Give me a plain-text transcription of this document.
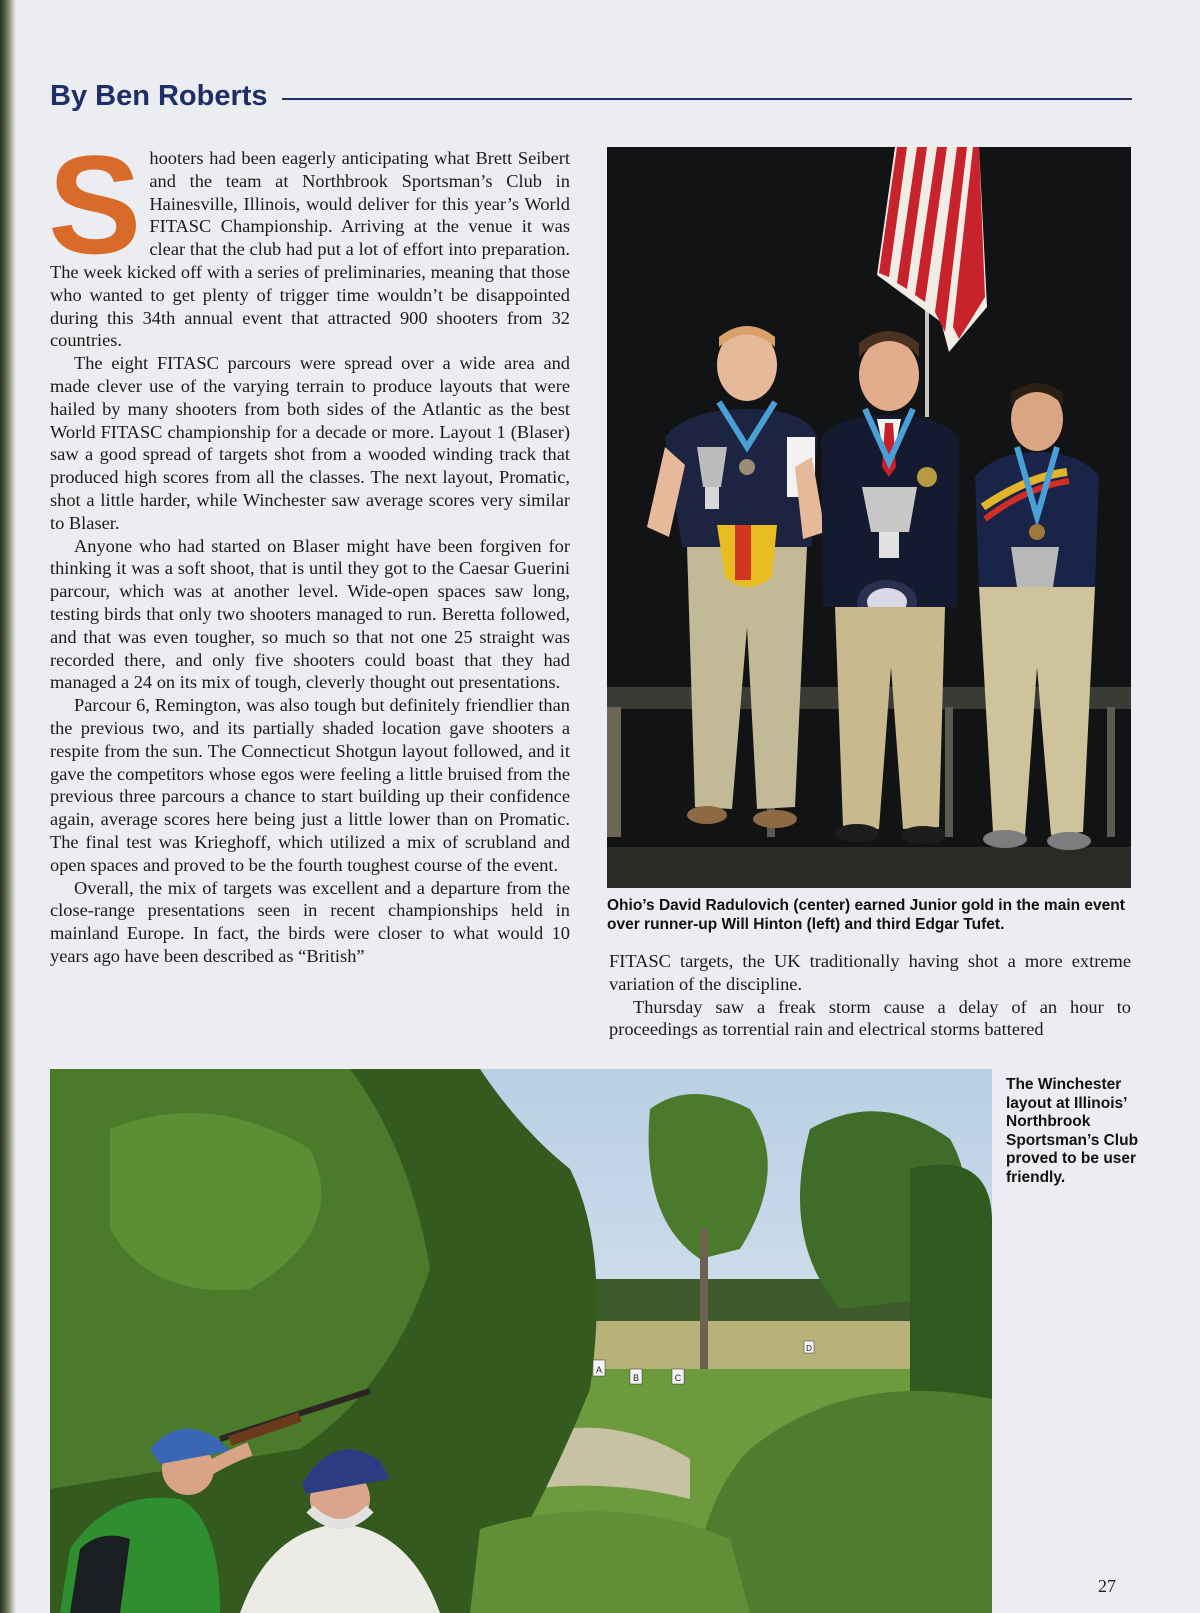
By Ben Roberts

Shooters had been eagerly anticipating what Brett Seibert and the team at Northbrook Sportsman’s Club in Hainesville, Illinois, would deliver for this year’s World FITASC Championship. Arriving at the venue it was clear that the club had put a lot of effort into preparation. The week kicked off with a series of preliminaries, meaning that those who wanted to get plenty of trigger time wouldn’t be disappointed during this 34th annual event that attracted 900 shooters from 32 countries.

The eight FITASC parcours were spread over a wide area and made clever use of the varying terrain to produce layouts that were hailed by many shooters from both sides of the Atlantic as the best World FITASC championship for a decade or more. Layout 1 (Blaser) saw a good spread of targets shot from a wooded winding track that produced high scores from all the classes. The next layout, Promatic, shot a little harder, while Winchester saw average scores very similar to Blaser.

Anyone who had started on Blaser might have been forgiven for thinking it was a soft shoot, that is until they got to the Caesar Guerini parcour, which was at another level. Wide-open spaces saw long, testing birds that only two shooters managed to run. Beretta followed, and that was even tougher, so much so that not one 25 straight was recorded there, and only five shooters could boast that they had managed a 24 on its mix of tough, cleverly thought out presentations.

Parcour 6, Remington, was also tough but definitely friendlier than the previous two, and its partially shaded location gave shooters a respite from the sun. The Connecticut Shotgun layout followed, and it gave the competitors whose egos were feeling a little bruised from the previous three parcours a chance to start building up their confidence again, average scores here being just a little lower than on Promatic. The final test was Krieghoff, which utilized a mix of scrubland and open spaces and proved to be the fourth toughest course of the event.

Overall, the mix of targets was excellent and a departure from the close-range presentations seen in recent championships held in mainland Europe. In fact, the birds were closer to what would 10 years ago have been described as “British”

Ohio’s David Radulovich (center) earned Junior gold in the main event over runner-up Will Hinton (left) and third Edgar Tufet.

FITASC targets, the UK traditionally having shot a more extreme variation of the discipline.

Thursday saw a freak storm cause a delay of an hour to proceedings as torrential rain and electrical storms battered

A
B	C
D
The Winchester layout at Illinois’ Northbrook Sportsman’s Club proved to be user friendly.
27
